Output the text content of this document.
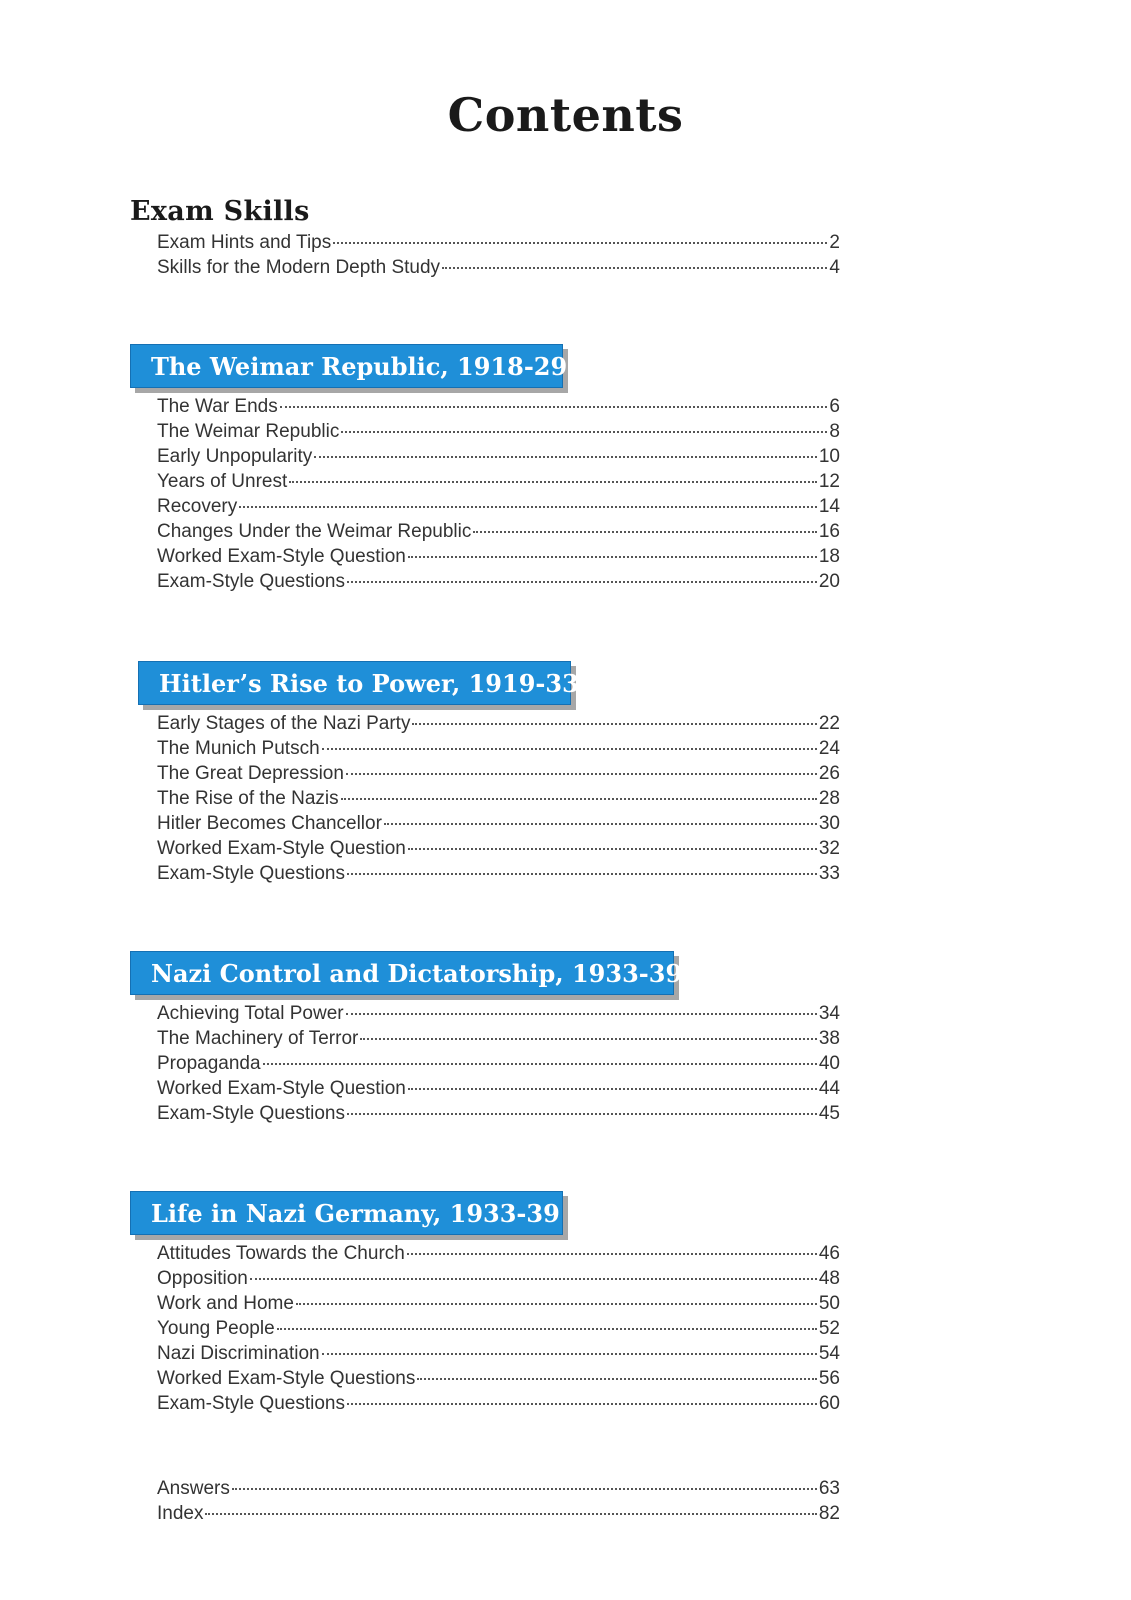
Contents
Exam Skills
Exam Hints and Tips	2
Skills for the Modern Depth Study	4
The Weimar Republic, 1918-29
The War Ends	6
The Weimar Republic	8
Early Unpopularity	10
Years of Unrest	12
Recovery	14
Changes Under the Weimar Republic	16
Worked Exam-Style Question	18
Exam-Style Questions	20
Hitler’s Rise to Power, 1919-33
Early Stages of the Nazi Party	22
The Munich Putsch	24
The Great Depression	26
The Rise of the Nazis	28
Hitler Becomes Chancellor	30
Worked Exam-Style Question	32
Exam-Style Questions	33
Nazi Control and Dictatorship, 1933-39
Achieving Total Power	34
The Machinery of Terror	38
Propaganda	40
Worked Exam-Style Question	44
Exam-Style Questions	45
Life in Nazi Germany, 1933-39
Attitudes Towards the Church	46
Opposition	48
Work and Home	50
Young People	52
Nazi Discrimination	54
Worked Exam-Style Questions	56
Exam-Style Questions	60
Answers	63
Index	82
